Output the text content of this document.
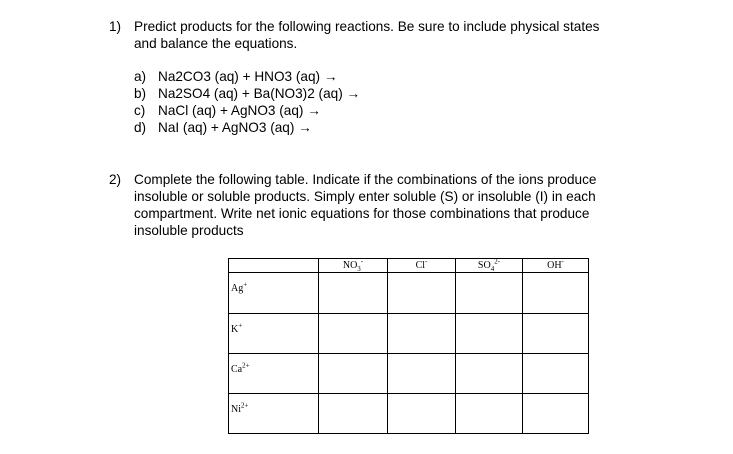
1) Predict products for the following reactions. Be sure to include physical states
and balance the equations.
a) Na2CO3 (aq) + HNO3 (aq) →
b) Na2SO4 (aq) + Ba(NO3)2 (aq) →
c) NaCl (aq) + AgNO3 (aq) →
d) NaI (aq) + AgNO3 (aq) →
2) Complete the following table. Indicate if the combinations of the ions produce
insoluble or soluble products. Simply enter soluble (S) or insoluble (I) in each
compartment. Write net ionic equations for those combinations that produce
insoluble products
	$NO_3^-$	Cl-	$SO_4^{2-}$	OH-
Ag+				
K+				
$Ca^{2+}$				
$Ni^{2+}$				
